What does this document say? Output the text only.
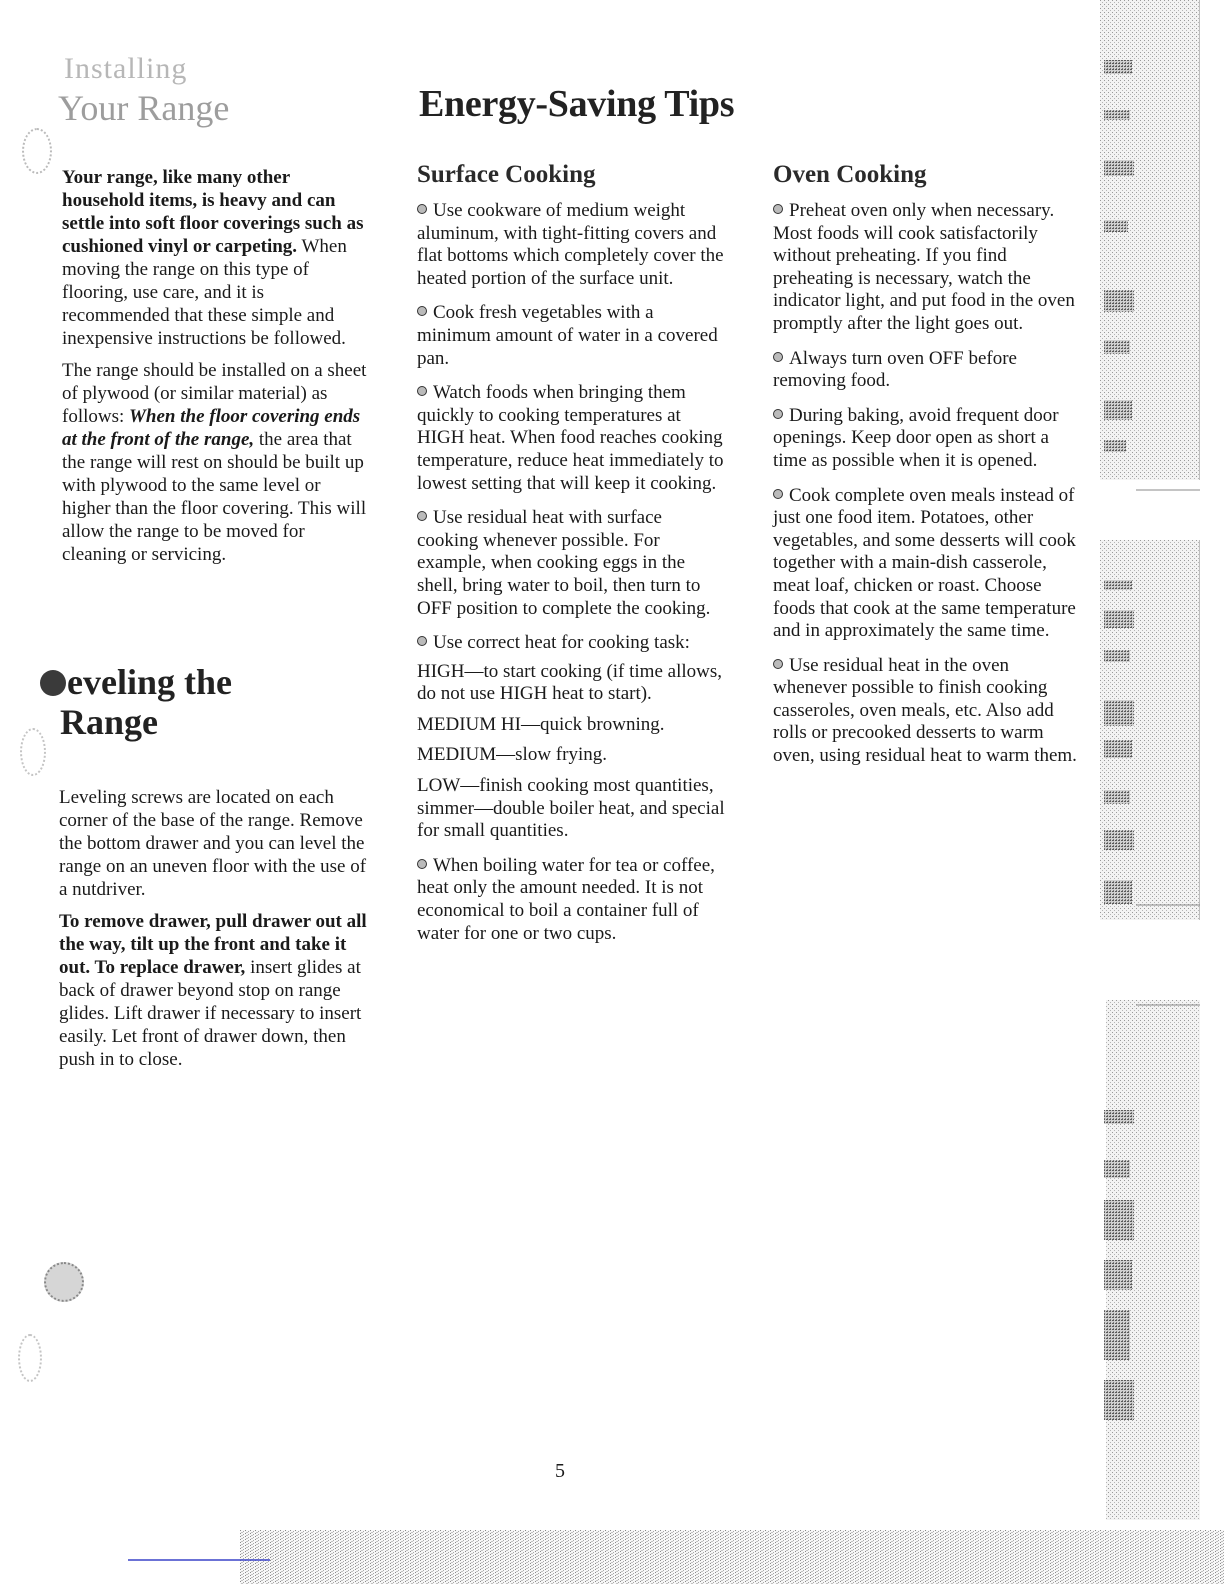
Installing
Your Range

Your range, like many other household items, is heavy and can settle into soft floor coverings such as cushioned vinyl or carpeting. When moving the range on this type of flooring, use care, and it is recommended that these simple and inexpensive instructions be followed.

The range should be installed on a sheet of plywood (or similar material) as follows: When the floor covering ends at the front of the range, the area that the range will rest on should be built up with plywood to the same level or higher than the floor covering. This will allow the range to be moved for cleaning or servicing.

eveling the
Range

Leveling screws are located on each corner of the base of the range. Remove the bottom drawer and you can level the range on an uneven floor with the use of a nutdriver.

To remove drawer, pull drawer out all the way, tilt up the front and take it out. To replace drawer, insert glides at back of drawer beyond stop on range glides. Lift drawer if necessary to insert easily. Let front of drawer down, then push in to close.

Energy-Saving Tips
Surface Cooking

Use cookware of medium weight aluminum, with tight-fitting covers and flat bottoms which completely cover the heated portion of the surface unit.

Cook fresh vegetables with a minimum amount of water in a covered pan.

Watch foods when bringing them quickly to cooking temperatures at HIGH heat. When food reaches cooking temperature, reduce heat immediately to lowest setting that will keep it cooking.

Use residual heat with surface cooking whenever possible. For example, when cooking eggs in the shell, bring water to boil, then turn to OFF position to complete the cooking.

Use correct heat for cooking task:

HIGH—to start cooking (if time allows, do not use HIGH heat to start).

MEDIUM HI—quick browning.

MEDIUM—slow frying.

LOW—finish cooking most quantities, simmer—double boiler heat, and special for small quantities.

When boiling water for tea or coffee, heat only the amount needed. It is not economical to boil a container full of water for one or two cups.

Oven Cooking

Preheat oven only when necessary. Most foods will cook satisfactorily without preheating. If you find preheating is necessary, watch the indicator light, and put food in the oven promptly after the light goes out.

Always turn oven OFF before removing food.

During baking, avoid frequent door openings. Keep door open as short a time as possible when it is opened.

Cook complete oven meals instead of just one food item. Potatoes, other vegetables, and some desserts will cook together with a main-dish casserole, meat loaf, chicken or roast. Choose foods that cook at the same temperature and in approximately the same time.

Use residual heat in the oven whenever possible to finish cooking casseroles, oven meals, etc. Also add rolls or precooked desserts to warm oven, using residual heat to warm them.

5
